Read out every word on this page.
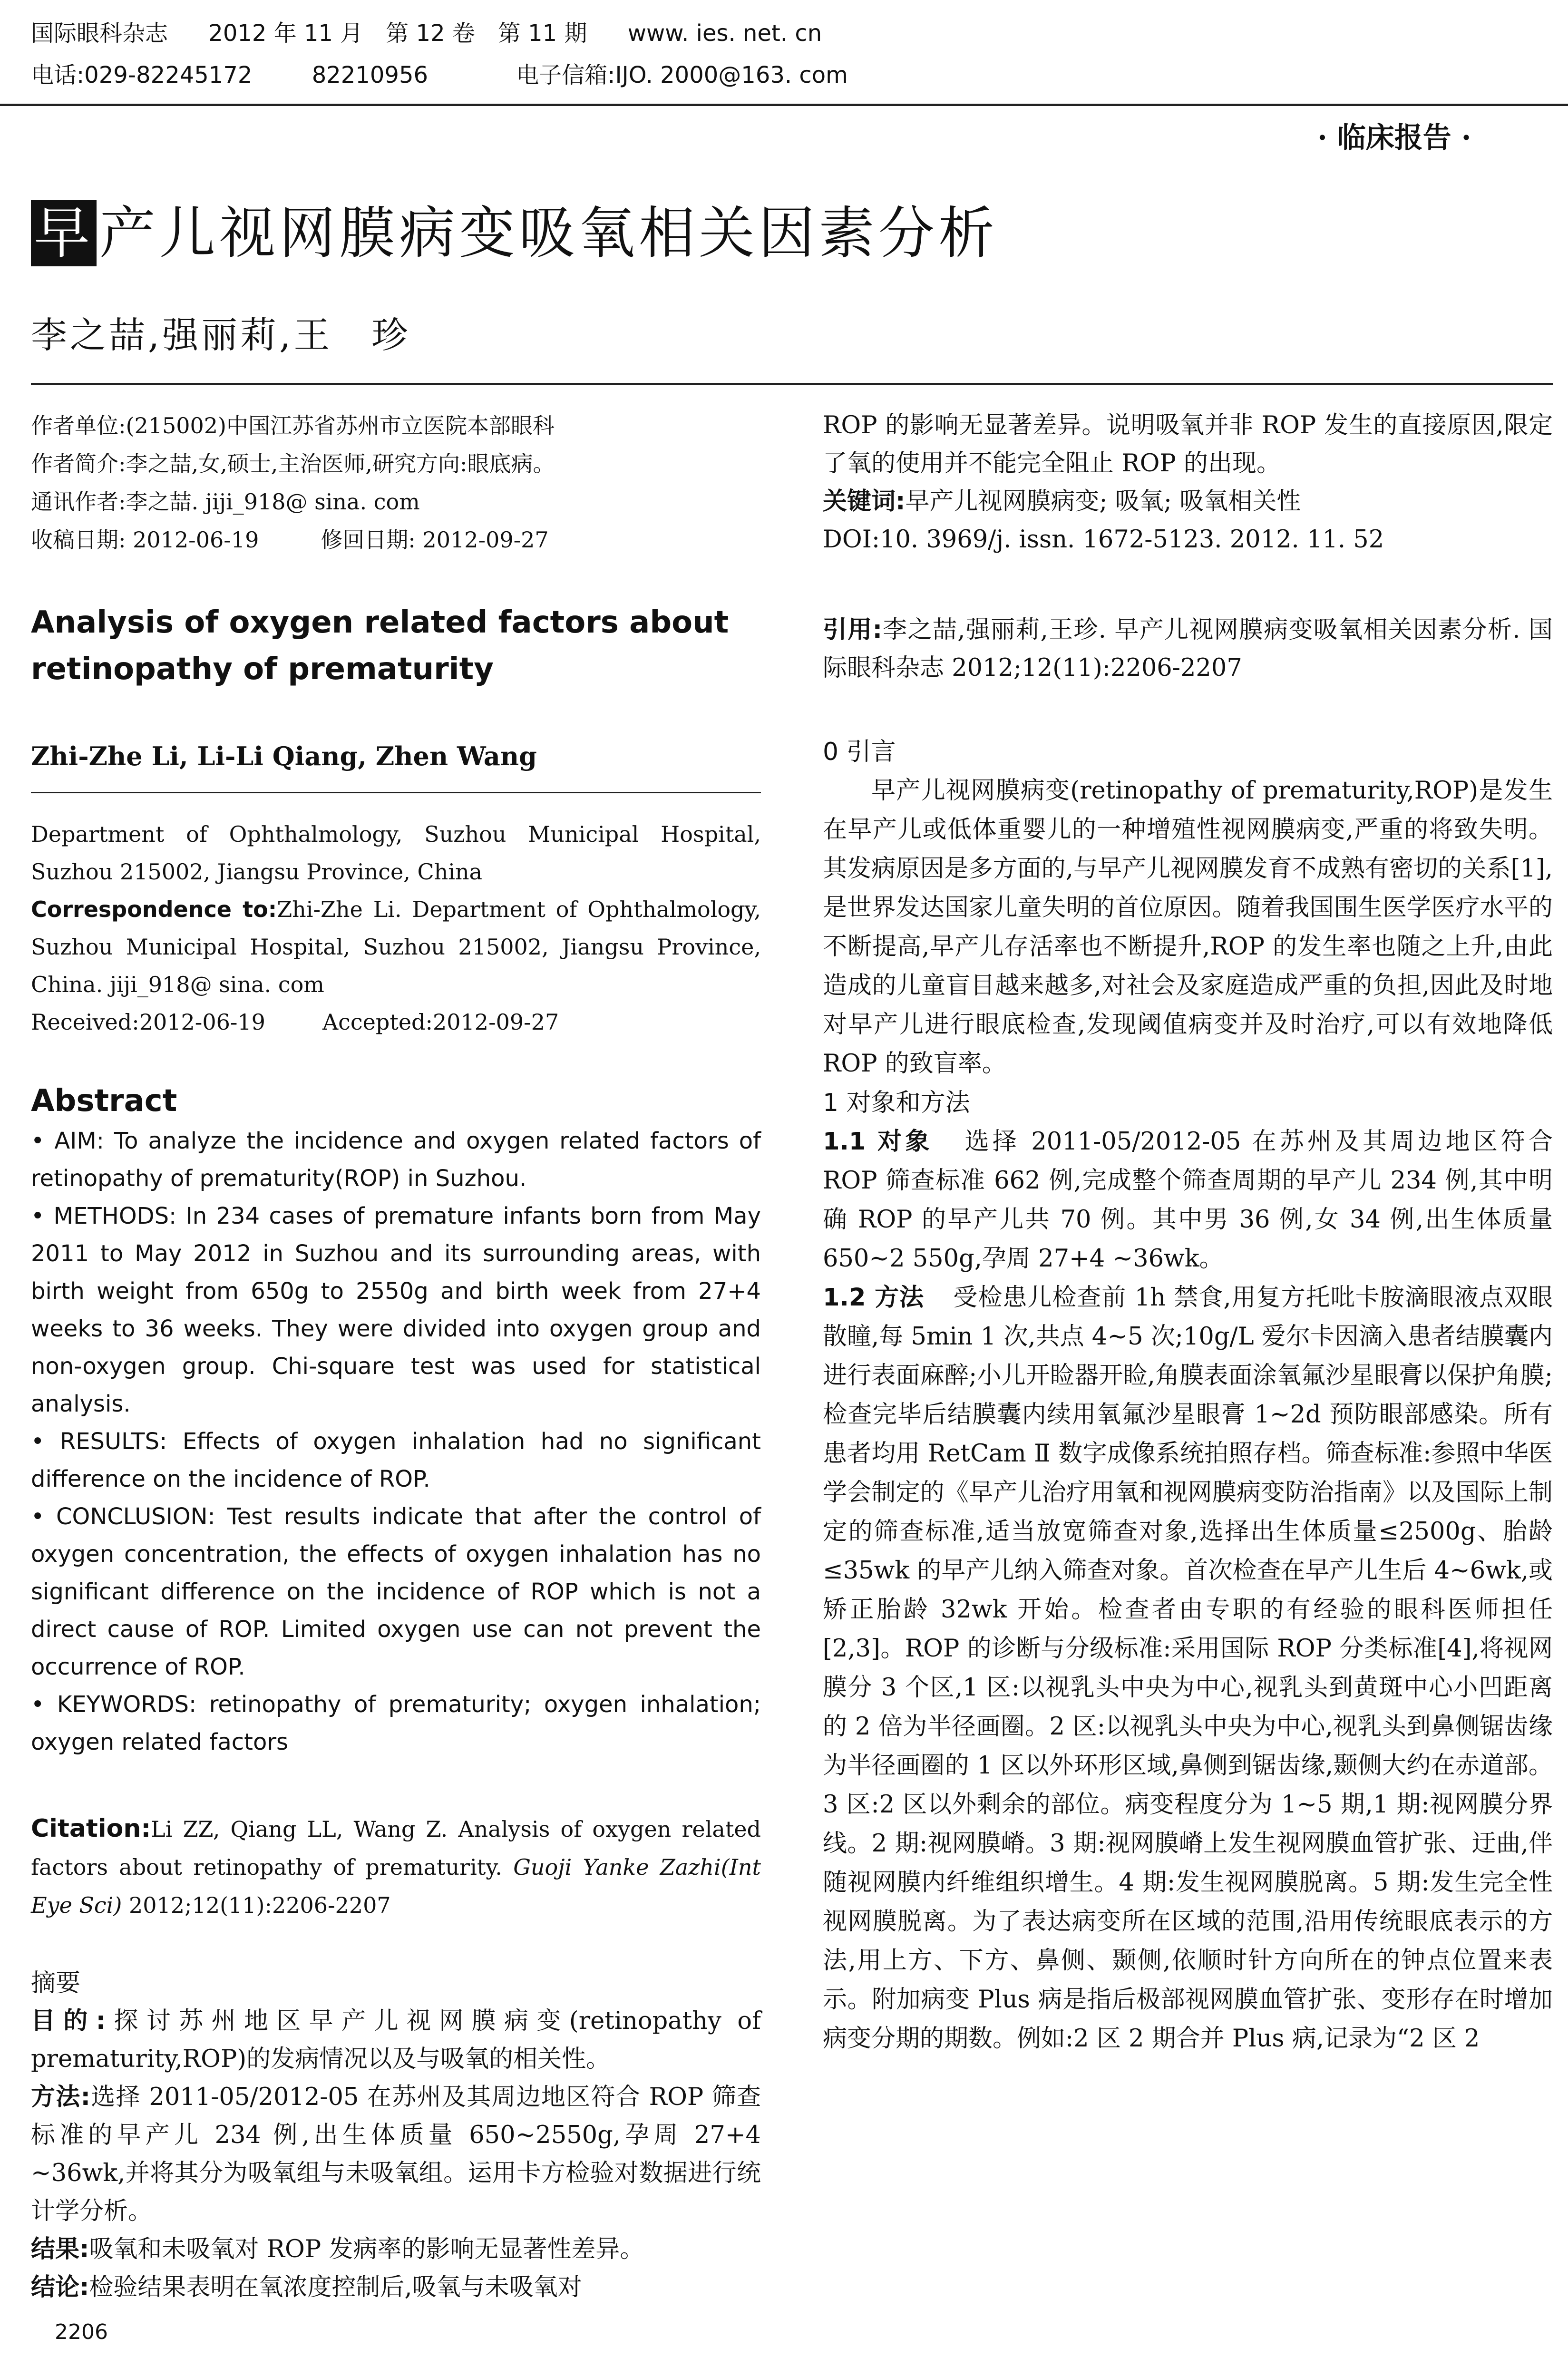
国际眼科杂志 2012 年 11 月　第 12 卷　第 11 期 www. ies. net. cn
电话:029-82245172	82210956	电子信箱:IJO. 2000@163. com
· 临床报告 ·
早 产儿视网膜病变吸氧相关因素分析
李之喆,强丽莉,王　珍

作者单位:(215002)中国江苏省苏州市立医院本部眼科

作者简介:李之喆,女,硕士,主治医师,研究方向:眼底病。

通讯作者:李之喆. jiji_918@ sina. com

收稿日期: 2012-06-19	修回日期: 2012-09-27

Analysis of oxygen related factors about retinopathy of prematurity
Zhi-Zhe Li, Li-Li Qiang, Zhen Wang

Department of Ophthalmology, Suzhou Municipal Hospital, Suzhou 215002, Jiangsu Province, China

Correspondence to:Zhi-Zhe Li. Department of Ophthalmology, Suzhou Municipal Hospital, Suzhou 215002, Jiangsu Province, China. jiji_918@ sina. com

Received:2012-06-19	Accepted:2012-09-27

Abstract

• AIM: To analyze the incidence and oxygen related factors of retinopathy of prematurity(ROP) in Suzhou.

• METHODS: In 234 cases of premature infants born from May 2011 to May 2012 in Suzhou and its surrounding areas, with birth weight from 650g to 2550g and birth week from 27+4 weeks to 36 weeks. They were divided into oxygen group and non-oxygen group. Chi-square test was used for statistical analysis.

• RESULTS: Effects of oxygen inhalation had no significant difference on the incidence of ROP.

• CONCLUSION: Test results indicate that after the control of oxygen concentration, the effects of oxygen inhalation has no significant difference on the incidence of ROP which is not a direct cause of ROP. Limited oxygen use can not prevent the occurrence of ROP.

• KEYWORDS: retinopathy of prematurity; oxygen inhalation; oxygen related factors

Citation:Li ZZ, Qiang LL, Wang Z. Analysis of oxygen related factors about retinopathy of prematurity. Guoji Yanke Zazhi(Int Eye Sci) 2012;12(11):2206-2207

摘要

目的:探讨苏州地区早产儿视网膜病变(retinopathy of prematurity,ROP)的发病情况以及与吸氧的相关性。

方法:选择 2011-05/2012-05 在苏州及其周边地区符合 ROP 筛查标准的早产儿 234 例,出生体质量 650~2550g,孕周 27+4 ~36wk,并将其分为吸氧组与未吸氧组。运用卡方检验对数据进行统计学分析。

结果:吸氧和未吸氧对 ROP 发病率的影响无显著性差异。

结论:检验结果表明在氧浓度控制后,吸氧与未吸氧对

2206

ROP 的影响无显著差异。说明吸氧并非 ROP 发生的直接原因,限定了氧的使用并不能完全阻止 ROP 的出现。

关键词:早产儿视网膜病变; 吸氧; 吸氧相关性

DOI:10. 3969/j. issn. 1672-5123. 2012. 11. 52

引用:李之喆,强丽莉,王珍. 早产儿视网膜病变吸氧相关因素分析. 国际眼科杂志 2012;12(11):2206-2207

0 引言

早产儿视网膜病变(retinopathy of prematurity,ROP)是发生在早产儿或低体重婴儿的一种增殖性视网膜病变,严重的将致失明。其发病原因是多方面的,与早产儿视网膜发育不成熟有密切的关系[1],是世界发达国家儿童失明的首位原因。随着我国围生医学医疗水平的不断提高,早产儿存活率也不断提升,ROP 的发生率也随之上升,由此造成的儿童盲目越来越多,对社会及家庭造成严重的负担,因此及时地对早产儿进行眼底检查,发现阈值病变并及时治疗,可以有效地降低 ROP 的致盲率。

1 对象和方法

1.1 对象 选择 2011-05/2012-05 在苏州及其周边地区符合 ROP 筛查标准 662 例,完成整个筛查周期的早产儿 234 例,其中明确 ROP 的早产儿共 70 例。其中男 36 例,女 34 例,出生体质量 650~2 550g,孕周 27+4 ~36wk。

1.2 方法 受检患儿检查前 1h 禁食,用复方托吡卡胺滴眼液点双眼散瞳,每 5min 1 次,共点 4~5 次;10g/L 爱尔卡因滴入患者结膜囊内进行表面麻醉;小儿开睑器开睑,角膜表面涂氧氟沙星眼膏以保护角膜;检查完毕后结膜囊内续用氧氟沙星眼膏 1~2d 预防眼部感染。所有患者均用 RetCam Ⅱ 数字成像系统拍照存档。筛查标准:参照中华医学会制定的《早产儿治疗用氧和视网膜病变防治指南》以及国际上制定的筛查标准,适当放宽筛查对象,选择出生体质量≤2500g、胎龄≤35wk 的早产儿纳入筛查对象。首次检查在早产儿生后 4~6wk,或矫正胎龄 32wk 开始。检查者由专职的有经验的眼科医师担任[2,3]。ROP 的诊断与分级标准:采用国际 ROP 分类标准[4],将视网膜分 3 个区,1 区:以视乳头中央为中心,视乳头到黄斑中心小凹距离的 2 倍为半径画圈。2 区:以视乳头中央为中心,视乳头到鼻侧锯齿缘为半径画圈的 1 区以外环形区域,鼻侧到锯齿缘,颞侧大约在赤道部。3 区:2 区以外剩余的部位。病变程度分为 1~5 期,1 期:视网膜分界线。2 期:视网膜嵴。3 期:视网膜嵴上发生视网膜血管扩张、迂曲,伴随视网膜内纤维组织增生。4 期:发生视网膜脱离。5 期:发生完全性视网膜脱离。为了表达病变所在区域的范围,沿用传统眼底表示的方法,用上方、下方、鼻侧、颞侧,依顺时针方向所在的钟点位置来表示。附加病变 Plus 病是指后极部视网膜血管扩张、变形存在时增加病变分期的期数。例如:2 区 2 期合并 Plus 病,记录为“2 区 2
